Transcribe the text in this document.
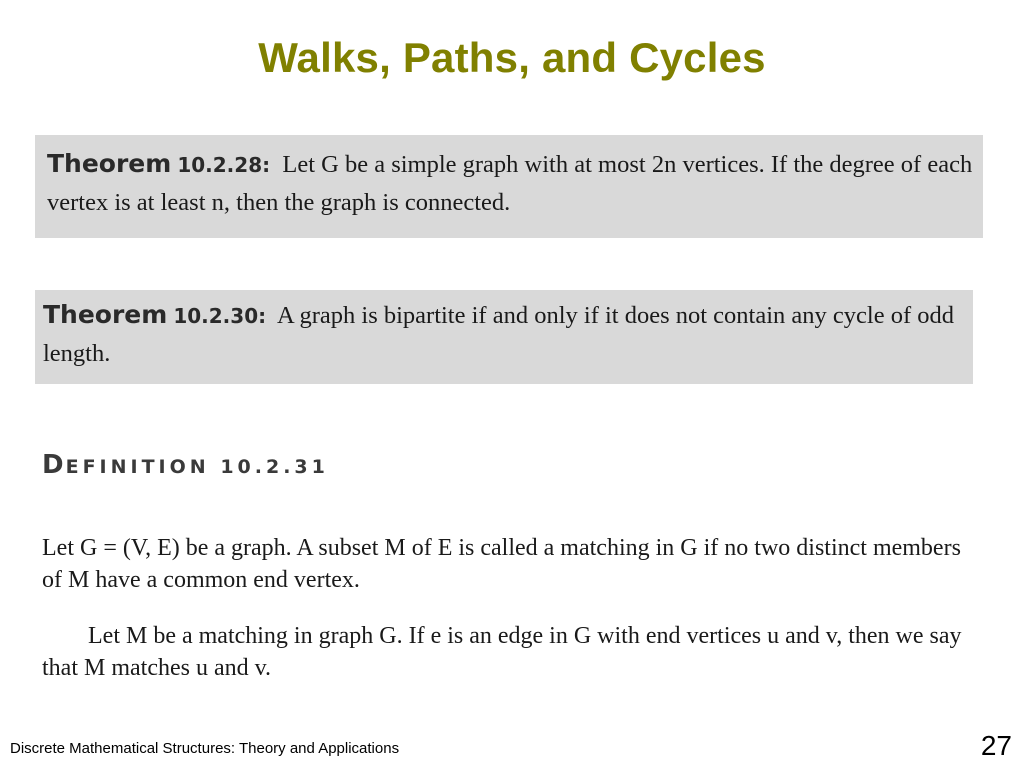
Walks, Paths, and Cycles
Theorem 10.2.28: Let G be a simple graph with at most 2n vertices. If the degree of each vertex is at least n, then the graph is connected.
Theorem 10.2.30: A graph is bipartite if and only if it does not contain any cycle of odd length.
DEFINITION 10.2.31
Let G = (V, E) be a graph. A subset M of E is called a matching in G if no two distinct members of M have a common end vertex.
Let M be a matching in graph G. If e is an edge in G with end vertices u and v, then we say that M matches u and v.
Discrete Mathematical Structures: Theory and Applications	27
